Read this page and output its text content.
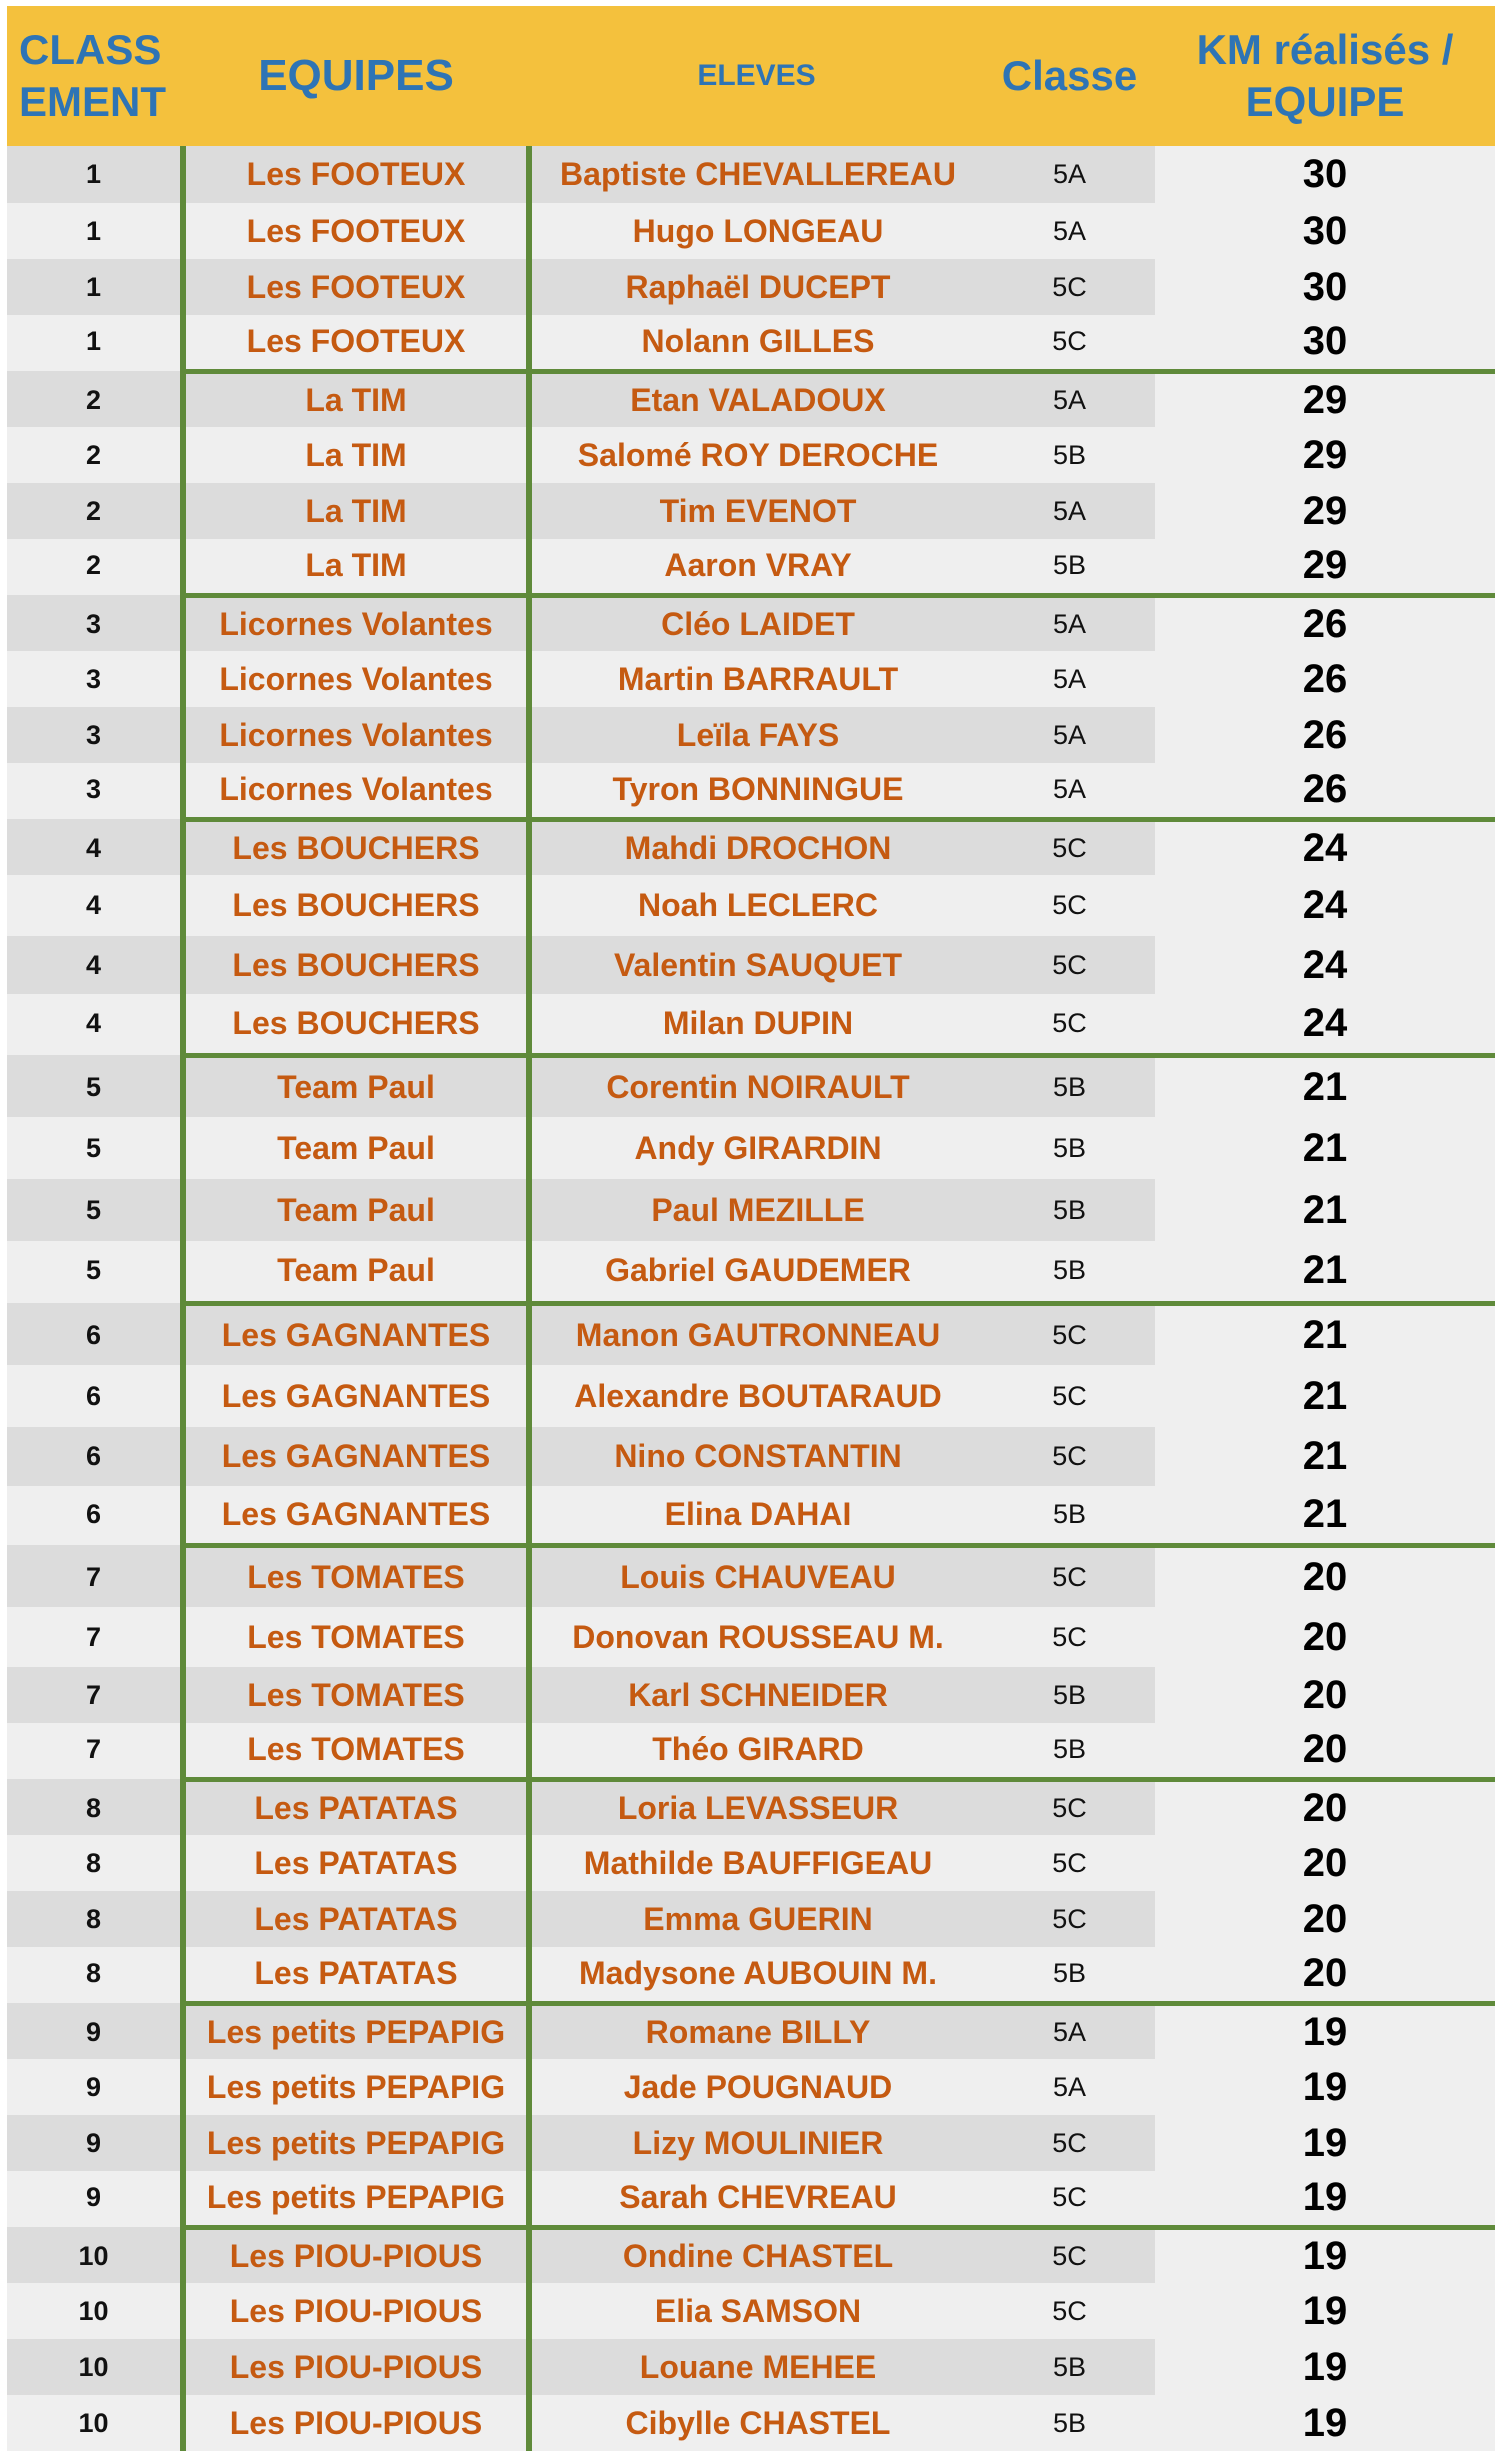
CLASS
EMENT	EQUIPES	ELEVES	Classe	KM réalisés /
EQUIPE

1	Les FOOTEUX	Baptiste CHEVALLEREAU	5A	30
1	Les FOOTEUX	Hugo LONGEAU	5A	30
1	Les FOOTEUX	Raphaël DUCEPT	5C	30
1	Les FOOTEUX	Nolann GILLES	5C	30
2	La TIM	Etan VALADOUX	5A	29
2	La TIM	Salomé ROY DEROCHE	5B	29
2	La TIM	Tim EVENOT	5A	29
2	La TIM	Aaron VRAY	5B	29
3	Licornes Volantes	Cléo LAIDET	5A	26
3	Licornes Volantes	Martin BARRAULT	5A	26
3	Licornes Volantes	Leïla FAYS	5A	26
3	Licornes Volantes	Tyron BONNINGUE	5A	26
4	Les BOUCHERS	Mahdi DROCHON	5C	24
4	Les BOUCHERS	Noah LECLERC	5C	24
4	Les BOUCHERS	Valentin SAUQUET	5C	24
4	Les BOUCHERS	Milan DUPIN	5C	24
5	Team Paul	Corentin NOIRAULT	5B	21
5	Team Paul	Andy GIRARDIN	5B	21
5	Team Paul	Paul MEZILLE	5B	21
5	Team Paul	Gabriel GAUDEMER	5B	21
6	Les GAGNANTES	Manon GAUTRONNEAU	5C	21
6	Les GAGNANTES	Alexandre BOUTARAUD	5C	21
6	Les GAGNANTES	Nino CONSTANTIN	5C	21
6	Les GAGNANTES	Elina DAHAI	5B	21
7	Les TOMATES	Louis CHAUVEAU	5C	20
7	Les TOMATES	Donovan ROUSSEAU M.	5C	20
7	Les TOMATES	Karl SCHNEIDER	5B	20
7	Les TOMATES	Théo GIRARD	5B	20
8	Les PATATAS	Loria LEVASSEUR	5C	20
8	Les PATATAS	Mathilde BAUFFIGEAU	5C	20
8	Les PATATAS	Emma GUERIN	5C	20
8	Les PATATAS	Madysone AUBOUIN M.	5B	20
9	Les petits PEPAPIG	Romane BILLY	5A	19
9	Les petits PEPAPIG	Jade POUGNAUD	5A	19
9	Les petits PEPAPIG	Lizy MOULINIER	5C	19
9	Les petits PEPAPIG	Sarah CHEVREAU	5C	19
10	Les PIOU-PIOUS	Ondine CHASTEL	5C	19
10	Les PIOU-PIOUS	Elia SAMSON	5C	19
10	Les PIOU-PIOUS	Louane MEHEE	5B	19
10	Les PIOU-PIOUS	Cibylle CHASTEL	5B	19
